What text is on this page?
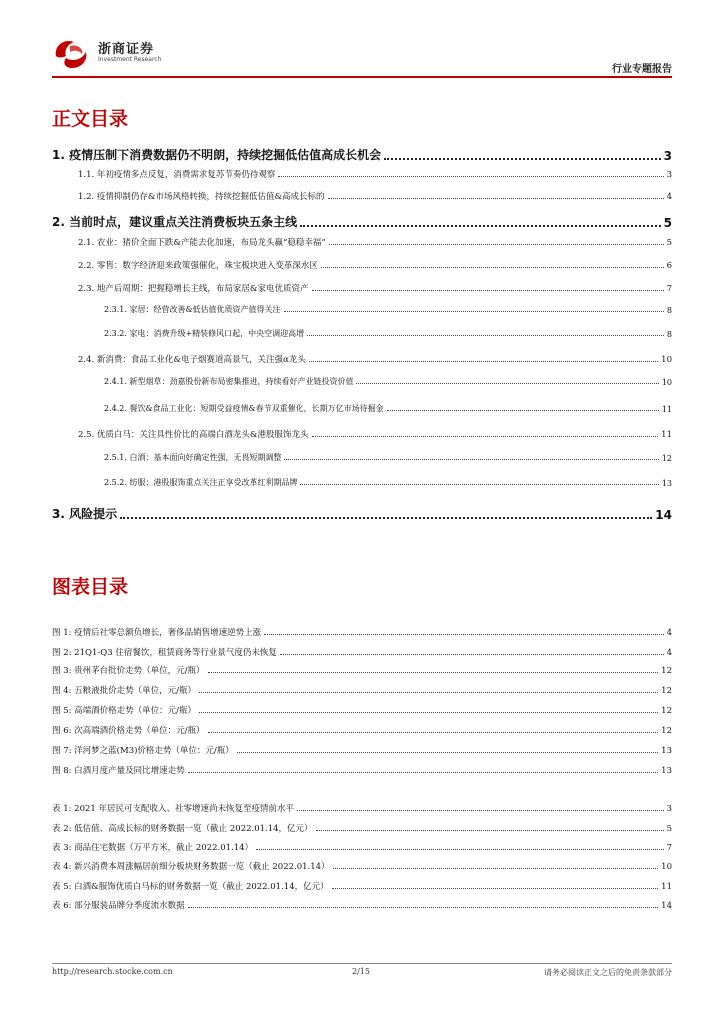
浙商证券
Investment Research
行业专题报告
正文目录
1. 疫情压制下消费数据仍不明朗，持续挖掘低估值高成长机会	3
1.1. 年初疫情多点反复，消费需求复苏节奏仍待观察	3
1.2. 疫情抑制仍存&市场风格转换，持续挖掘低估值&高成长标的	4
2. 当前时点，建议重点关注消费板块五条主线	5
2.1. 农业：猪价全面下跌&产能去化加速，布局龙头赢“稳稳幸福”	5
2.2. 零售：数字经济迎来政策强催化，珠宝板块进入变革深水区	6
2.3. 地产后周期：把握稳增长主线，布局家居&家电优质资产	7
2.3.1. 家居：经营改善&低估值优质资产值得关注	8
2.3.2. 家电：消费升级+精装修风口起，中央空调迎高增	8
2.4. 新消费：食品工业化&电子烟赛道高景气，关注强α龙头	10
2.4.1. 新型烟草：劲嘉股份新布局密集推进，持续看好产业链投资价值	10
2.4.2. 餐饮&食品工业化：短期受益疫情&春节双重催化，长期万亿市场待掘金	11
2.5. 优质白马：关注具性价比的高端白酒龙头&港股服饰龙头	11
2.5.1. 白酒：基本面向好确定性强，无畏短期调整	12
2.5.2. 纺服：港股服饰重点关注正享受改革红利期品牌	13
3. 风险提示	14
图表目录
图 1: 疫情后社零总额负增长，奢侈品销售增速逆势上涨	4
图 2: 21Q1-Q3 住宿餐饮，租赁商务等行业景气度仍未恢复	4
图 3: 贵州茅台批价走势（单位，元/瓶）	12
图 4: 五粮液批价走势（单位，元/瓶）	12
图 5: 高端酒价格走势（单位：元/瓶）	12
图 6: 次高端酒价格走势（单位：元/瓶）	12
图 7: 洋河梦之蓝(M3)价格走势（单位：元/瓶）	13
图 8: 白酒月度产量及同比增速走势	13
表 1: 2021 年居民可支配收入、社零增速尚未恢复至疫情前水平	3
表 2: 低估值、高成长标的财务数据一览（截止 2022.01.14，亿元）	5
表 3: 商品住宅数据（万平方米，截止 2022.01.14）	7
表 4: 新兴消费本周涨幅居前细分板块财务数据一览（截止 2022.01.14）	10
表 5: 白酒&服饰优质白马标的财务数据一览（截止 2022.01.14，亿元）	11
表 6: 部分服装品牌分季度流水数据	14
http://research.stocke.com.cn	2/15	请务必阅读正文之后的免责条款部分
